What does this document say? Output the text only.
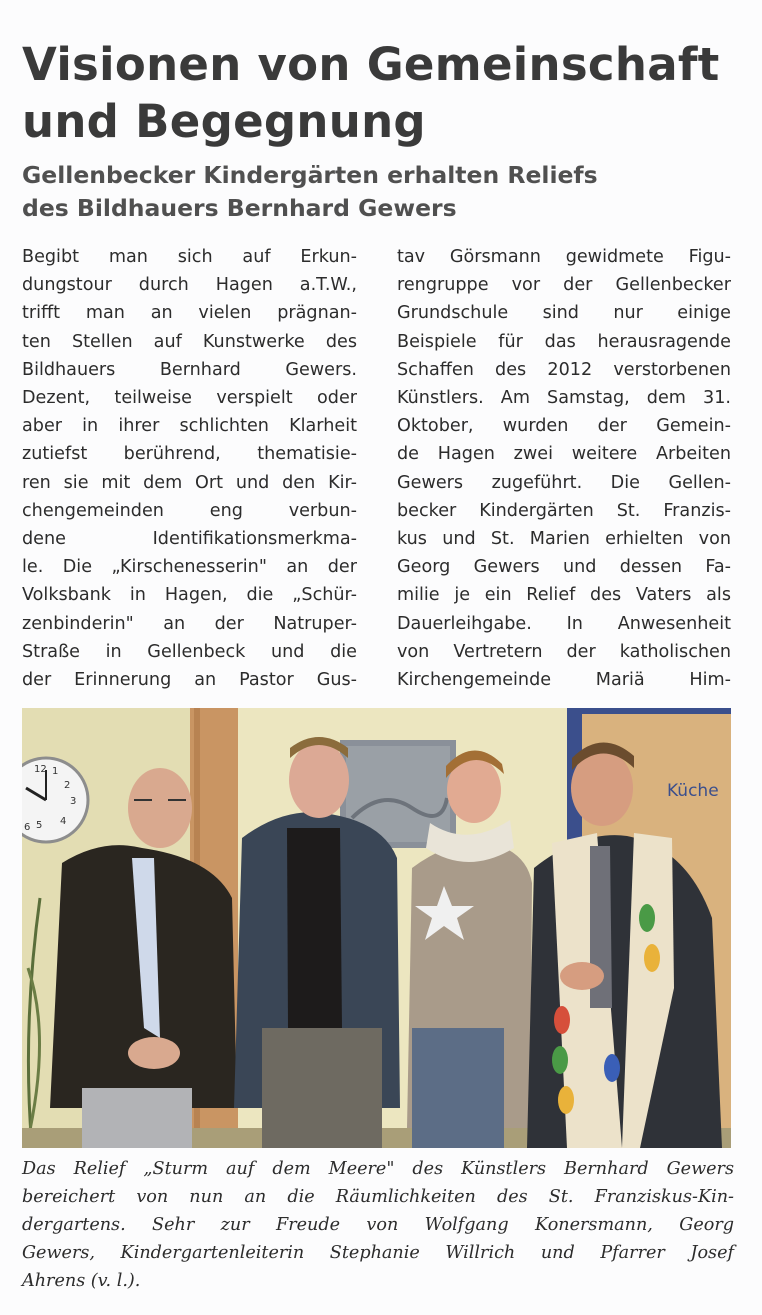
Visionen von Gemeinschaft
und Begegnung
Gellenbecker Kindergärten erhalten Reliefs
des Bildhauers Bernhard Gewers
Begibt man sich auf Erkun-
dungstour durch Hagen a.T.W.,
trifft man an vielen prägnan-
ten Stellen auf Kunstwerke des
Bildhauers Bernhard Gewers.
Dezent, teilweise verspielt oder
aber in ihrer schlichten Klarheit
zutiefst berührend, thematisie-
ren sie mit dem Ort und den Kir-
chengemeinden eng verbun-
dene Identifikationsmerkma-
le. Die „Kirschenesserin" an der
Volksbank in Hagen, die „Schür-
zenbinderin" an der Natruper-
Straße in Gellenbeck und die
der Erinnerung an Pastor Gus-
tav Görsmann gewidmete Figu-
rengruppe vor der Gellenbecker
Grundschule sind nur einige
Beispiele für das herausragende
Schaffen des 2012 verstorbenen
Künstlers. Am Samstag, dem 31.
Oktober, wurden der Gemein-
de Hagen zwei weitere Arbeiten
Gewers zugeführt. Die Gellen-
becker Kindergärten St. Franzis-
kus und St. Marien erhielten von
Georg Gewers und dessen Fa-
milie je ein Relief des Vaters als
Dauerleihgabe. In Anwesenheit
von Vertretern der katholischen
Kirchengemeinde Mariä Him-
Küche
12 1
2
3
4
5
6
Das Relief „Sturm auf dem Meere" des Künstlers Bernhard Gewers
bereichert von nun an die Räumlichkeiten des St. Franziskus-Kin-
dergartens. Sehr zur Freude von Wolfgang Konersmann, Georg
Gewers, Kindergartenleiterin Stephanie Willrich und Pfarrer Josef
Ahrens (v. l.).
